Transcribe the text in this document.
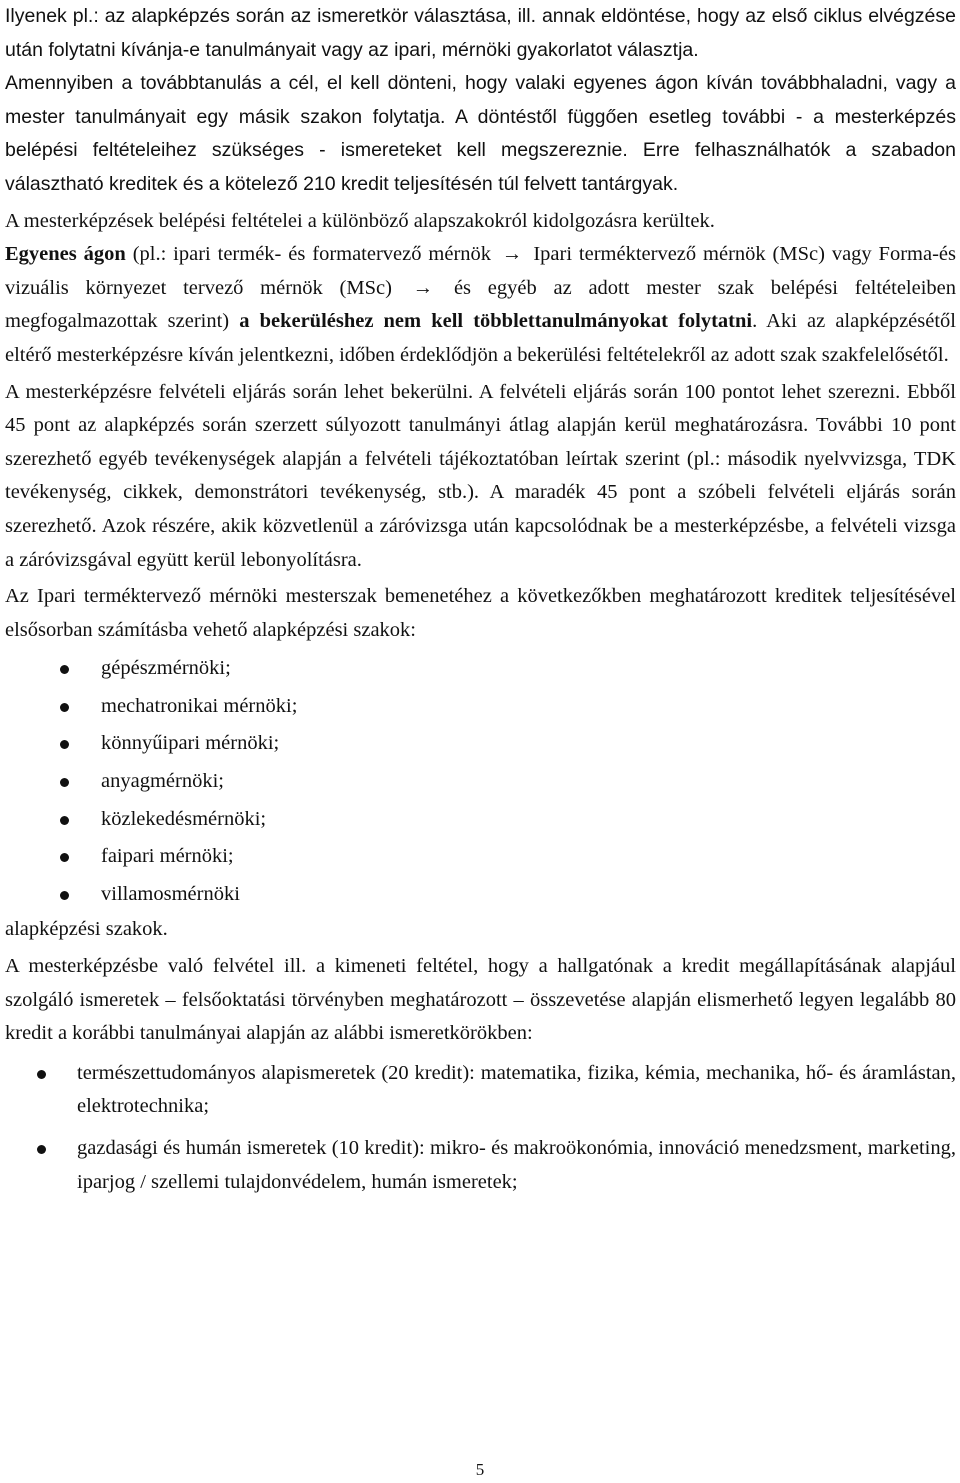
Ilyenek pl.: az alapképzés során az ismeretkör választása, ill. annak eldöntése, hogy az első ciklus elvégzése után folytatni kívánja-e tanulmányait vagy az ipari, mérnöki gyakorlatot választja.

Amennyiben a továbbtanulás a cél, el kell dönteni, hogy valaki egyenes ágon kíván továbbhaladni, vagy a mester tanulmányait egy másik szakon folytatja. A döntéstől függően esetleg további - a mesterképzés belépési feltételeihez szükséges - ismereteket kell megszereznie. Erre felhasználhatók a szabadon választható kreditek és a kötelező 210 kredit teljesítésén túl felvett tantárgyak.

A mesterképzések belépési feltételei a különböző alapszakokról kidolgozásra kerültek.

Egyenes ágon (pl.: ipari termék- és formatervező mérnök → Ipari terméktervező mérnök (MSc) vagy Forma-és vizuális környezet tervező mérnök (MSc) → és egyéb az adott mester szak belépési feltételeiben megfogalmazottak szerint) a bekerüléshez nem kell többlettanulmányokat folytatni. Aki az alapképzésétől eltérő mesterképzésre kíván jelentkezni, időben érdeklődjön a bekerülési feltételekről az adott szak szakfelelősétől.

A mesterképzésre felvételi eljárás során lehet bekerülni. A felvételi eljárás során 100 pontot lehet szerezni. Ebből 45 pont az alapképzés során szerzett súlyozott tanulmányi átlag alapján kerül meghatározásra. További 10 pont szerezhető egyéb tevékenységek alapján a felvételi tájékoztatóban leírtak szerint (pl.: második nyelvvizsga, TDK tevékenység, cikkek, demonstrátori tevékenység, stb.). A maradék 45 pont a szóbeli felvételi eljárás során szerezhető. Azok részére, akik közvetlenül a záróvizsga után kapcsolódnak be a mesterképzésbe, a felvételi vizsga a záróvizsgával együtt kerül lebonyolításra.

Az Ipari terméktervező mérnöki mesterszak bemenetéhez a következőkben meghatározott kreditek teljesítésével elsősorban számításba vehető alapképzési szakok:

gépészmérnöki;
mechatronikai mérnöki;
könnyűipari mérnöki;
anyagmérnöki;
közlekedésmérnöki;
faipari mérnöki;
villamosmérnöki

alapképzési szakok.

A mesterképzésbe való felvétel ill. a kimeneti feltétel, hogy a hallgatónak a kredit megállapításának alapjául szolgáló ismeretek – felsőoktatási törvényben meghatározott – összevetése alapján elismerhető legyen legalább 80 kredit a korábbi tanulmányai alapján az alábbi ismeretkörökben:

természettudományos alapismeretek (20 kredit): matematika, fizika, kémia, mechanika, hő- és áramlástan, elektrotechnika;
gazdasági és humán ismeretek (10 kredit): mikro- és makroökonómia, innováció menedzsment, marketing, iparjog / szellemi tulajdonvédelem, humán ismeretek;
5
